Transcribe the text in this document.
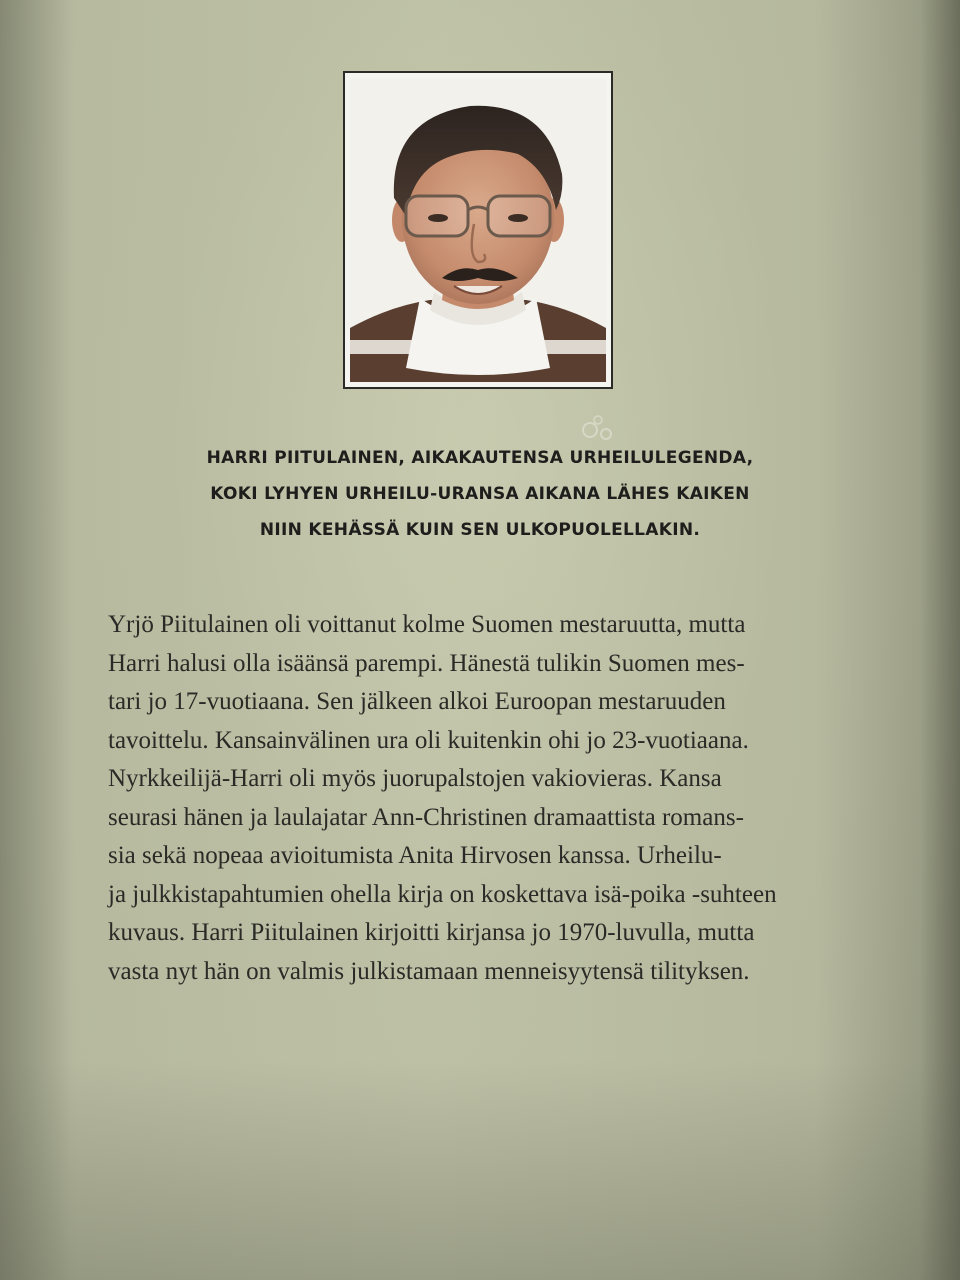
HARRI PIITULAINEN, AIKAKAUTENSA URHEILULEGENDA,
KOKI LYHYEN URHEILU-URANSA AIKANA LÄHES KAIKEN
NIIN KEHÄSSÄ KUIN SEN ULKOPUOLELLAKIN.
Yrjö Piitulainen oli voittanut kolme Suomen mestaruutta, mutta
Harri halusi olla isäänsä parempi. Hänestä tulikin Suomen mes-
tari jo 17-vuotiaana. Sen jälkeen alkoi Euroopan mestaruuden
tavoittelu. Kansainvälinen ura oli kuitenkin ohi jo 23-vuotiaana.
Nyrkkeilijä-Harri oli myös juorupalstojen vakiovieras. Kansa
seurasi hänen ja laulajatar Ann-Christinen dramaattista romans-
sia sekä nopeaa avioitumista Anita Hirvosen kanssa. Urheilu-
ja julkkistapahtumien ohella kirja on koskettava isä-poika -suhteen
kuvaus. Harri Piitulainen kirjoitti kirjansa jo 1970-luvulla, mutta
vasta nyt hän on valmis julkistamaan menneisyytensä tilityksen.
